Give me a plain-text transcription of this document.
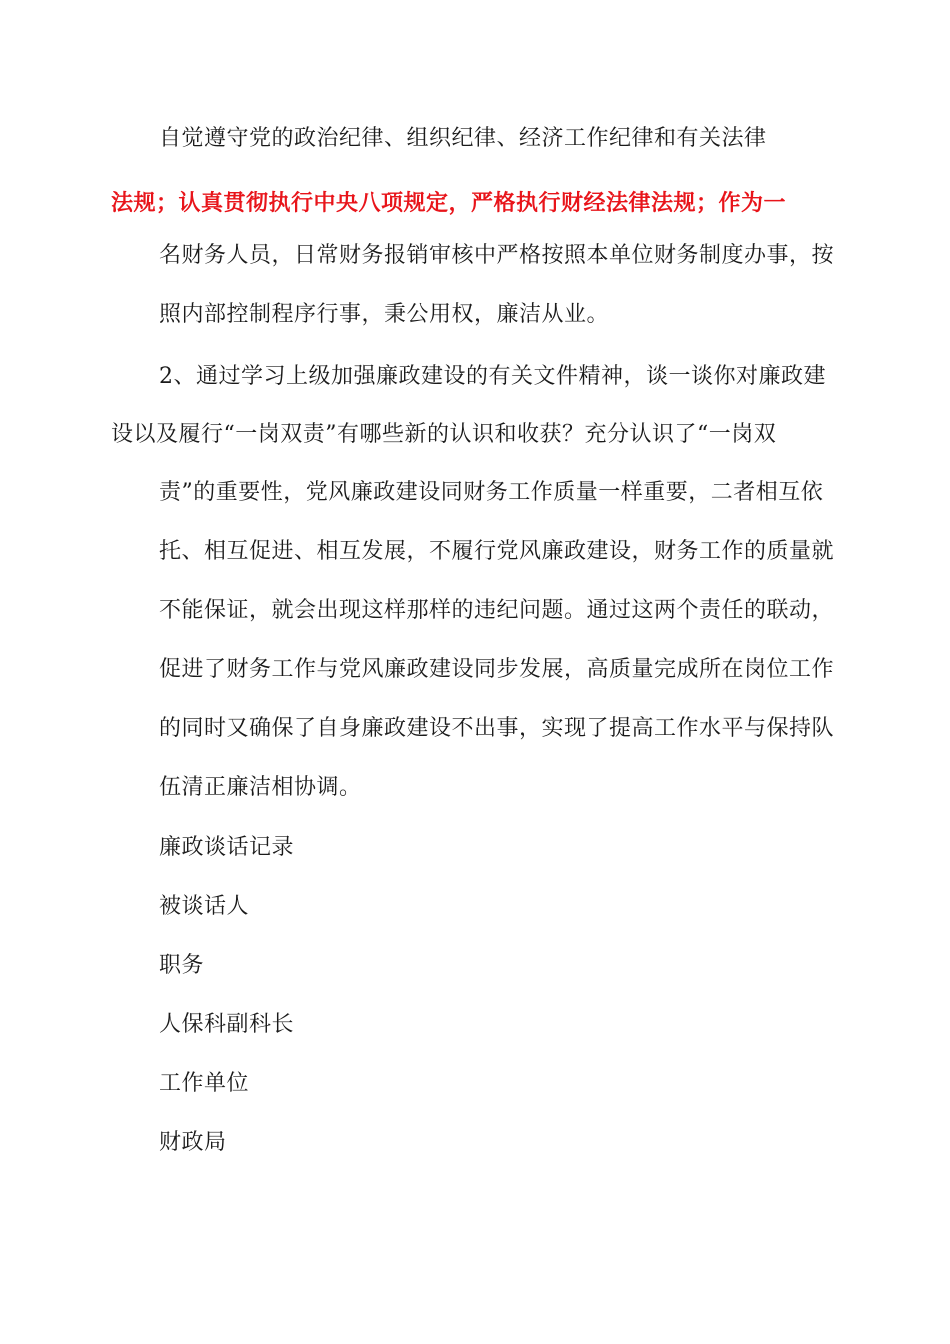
自觉遵守党的政治纪律、组织纪律、经济工作纪律和有关法律
法规；认真贯彻执行中央八项规定，严格执行财经法律法规；作为一
名财务人员，日常财务报销审核中严格按照本单位财务制度办事，按
照内部控制程序行事，秉公用权，廉洁从业。
2、通过学习上级加强廉政建设的有关文件精神，谈一谈你对廉政建
设以及履行“一岗双责”有哪些新的认识和收获？充分认识了“一岗双
责”的重要性，党风廉政建设同财务工作质量一样重要，二者相互依
托、相互促进、相互发展，不履行党风廉政建设，财务工作的质量就
不能保证，就会出现这样那样的违纪问题。通过这两个责任的联动，
促进了财务工作与党风廉政建设同步发展，高质量完成所在岗位工作
的同时又确保了自身廉政建设不出事，实现了提高工作水平与保持队
伍清正廉洁相协调。
廉政谈话记录
被谈话人
职务
人保科副科长
工作单位
财政局
